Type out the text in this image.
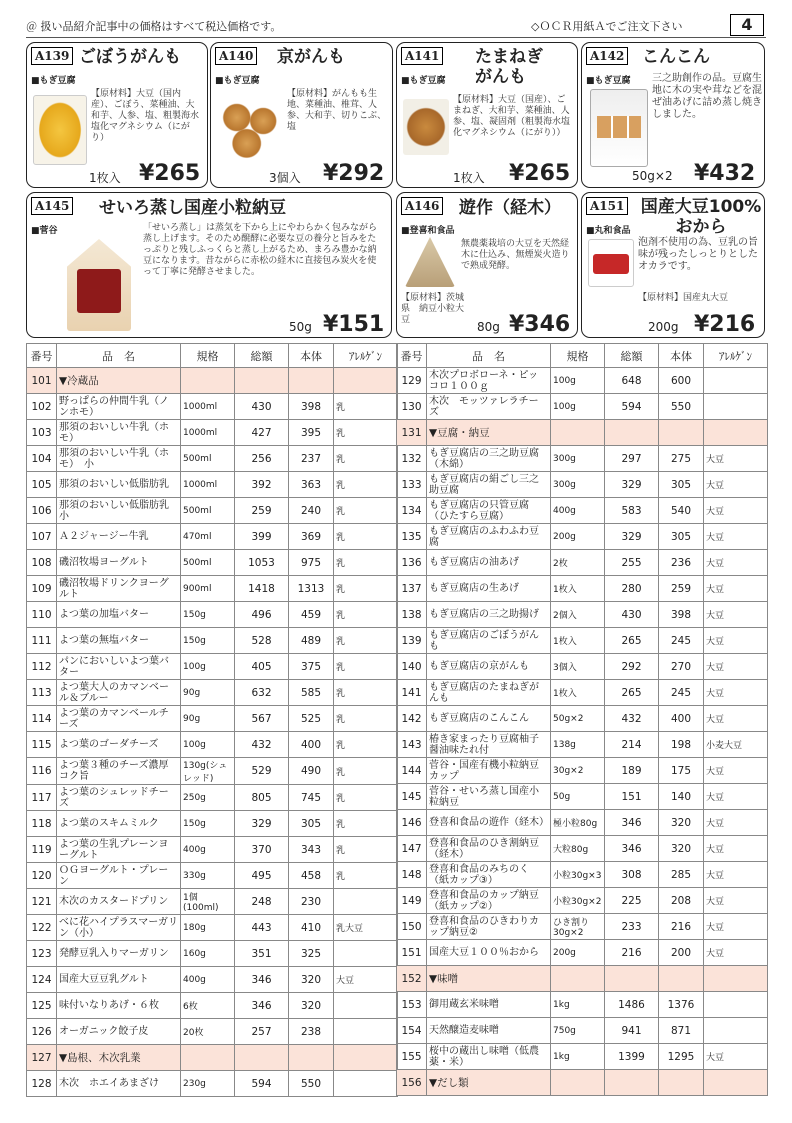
＠ 扱い品紹介記事中の価格はすべて税込価格です。	◇ＯＣＲ用紙Ａでご注文下さい	4
A139 ごぼうがんも
■もぎ豆腐
【原材料】大豆（国内産）、ごぼう、菜種油、大和芋、人参、塩、粗製海水塩化マグネシウム（にがり）
1枚入 ¥265
A140 京がんも
■もぎ豆腐
【原材料】がんもも生地、菜種油、椎茸、人参、大和芋、切りこぶ、塩
3個入 ¥292
A141 たまねぎがんも
■もぎ豆腐
【原材料】大豆（国産）、ごまねぎ、大和芋、菜種油、人参、塩、凝固剤（粗製海水塩化マグネシウム（にがり））
1枚入 ¥265
A142 こんこん
■もぎ豆腐 三之助創作の品。豆腐生地に木の実や茸などを混ぜ油あげに詰め蒸し焼きしました。
50g×2 ¥432
A145 せいろ蒸し国産小粒納豆
■菅谷	「せいろ蒸し」は蒸気を下から上にやわらかく包みながら蒸し上げます。そのため醗酵に必要な豆の養分と旨みをたっぷりと残しふっくらと蒸し上がるため、まろみ豊かな納豆になります。昔ながらに赤松の経木に直接包み炭火を使って丁寧に発酵させました。
50g ¥151
A146 遊作（経木）
■登喜和食品
無農薬栽培の大豆を天然経木に仕込み、無煙炭火造りで熟成発酵。
【原材料】茨城県　納豆小粒大豆	80g ¥346
A151 国産大豆100%おから
■丸和食品
泡剤不使用の為、豆乳の旨味が残ったしっとりとしたオカラです。
【原材料】国産丸大豆
200g ¥216
番号	品　名	規格	総額	本体	ｱﾚﾙｹﾞﾝ
101	▼冷蔵品				
102	野っぱらの仲間牛乳（ノンホモ）	1000ml	430	398	乳
103	那須のおいしい牛乳（ホモ）	1000ml	427	395	乳
104	那須のおいしい牛乳（ホモ）　小	500ml	256	237	乳
105	那須のおいしい低脂肪乳	1000ml	392	363	乳
106	那須のおいしい低脂肪乳　小	500ml	259	240	乳
107	Ａ２ジャージー牛乳	470ml	399	369	乳
108	磯沼牧場ヨーグルト	500ml	1053	975	乳
109	磯沼牧場ドリンクヨーグルト	900ml	1418	1313	乳
110	よつ葉の加塩バター	150g	496	459	乳
111	よつ葉の無塩バター	150g	528	489	乳
112	パンにおいしいよつ葉バター	100g	405	375	乳
113	よつ葉大人のカマンベール＆ブルー	90g	632	585	乳
114	よつ葉のカマンベールチーズ	90g	567	525	乳
115	よつ葉のゴーダチーズ	100g	432	400	乳
116	よつ葉３種のチーズ濃厚コク旨	130g(シュレッド)	529	490	乳
117	よつ葉のシュレッドチーズ	250g	805	745	乳
118	よつ葉のスキムミルク	150g	329	305	乳
119	よつ葉の生乳プレーンヨーグルト	400g	370	343	乳
120	ＯＧヨーグルト・プレーン	330g	495	458	乳
121	木次のカスタードプリン	1個(100ml)	248	230	
122	べに花ハイプラスマーガリン（小）	180g	443	410	乳大豆
123	発酵豆乳入りマーガリン	160g	351	325	
124	国産大豆豆乳グルト	400g	346	320	大豆
125	味付いなりあげ・６枚	6枚	346	320	
126	オーガニック餃子皮	20枚	257	238	
127	▼島根、木次乳業				
128	木次　ホエイあまざけ	230g	594	550	
番号	品　名	規格	総額	本体	ｱﾚﾙｹﾞﾝ
129	木次プロボローネ・ピッコロ１００ｇ	100g	648	600	
130	木次　モッツァレラチーズ	100g	594	550	
131	▼豆腐・納豆				
132	もぎ豆腐店の三之助豆腐（木綿）	300g	297	275	大豆
133	もぎ豆腐店の絹ごし三之助豆腐	300g	329	305	大豆
134	もぎ豆腐店の只管豆腐（ひたすら豆腐）	400g	583	540	大豆
135	もぎ豆腐店のふわふわ豆腐	200g	329	305	大豆
136	もぎ豆腐店の油あげ	2枚	255	236	大豆
137	もぎ豆腐店の生あげ	1枚入	280	259	大豆
138	もぎ豆腐店の三之助揚げ	2個入	430	398	大豆
139	もぎ豆腐店のごぼうがんも	1枚入	265	245	大豆
140	もぎ豆腐店の京がんも	3個入	292	270	大豆
141	もぎ豆腐店のたまねぎがんも	1枚入	265	245	大豆
142	もぎ豆腐店のこんこん	50g×2	432	400	大豆
143	椿き家まったり豆腐柚子醤油味たれ付	138g	214	198	小麦大豆
144	菅谷・国産有機小粒納豆カップ	30g×2	189	175	大豆
145	菅谷・せいろ蒸し国産小粒納豆	50g	151	140	大豆
146	登喜和食品の遊作（経木）	極小粒80g	346	320	大豆
147	登喜和食品のひき割納豆（経木）	大粒80g	346	320	大豆
148	登喜和食品のみちのく（紙カップ③）	小粒30g×3	308	285	大豆
149	登喜和食品のカップ納豆（紙カップ②）	小粒30g×2	225	208	大豆
150	登喜和食品のひきわりカップ納豆②	ひき割り30g×2	233	216	大豆
151	国産大豆１００％おから	200g	216	200	大豆
152	▼味噌				
153	御用蔵玄米味噌	1kg	1486	1376	
154	天然醸造麦味噌	750g	941	871	
155	桜中の蔵出し味噌（低農薬・米）	1kg	1399	1295	大豆
156	▼だし類				
